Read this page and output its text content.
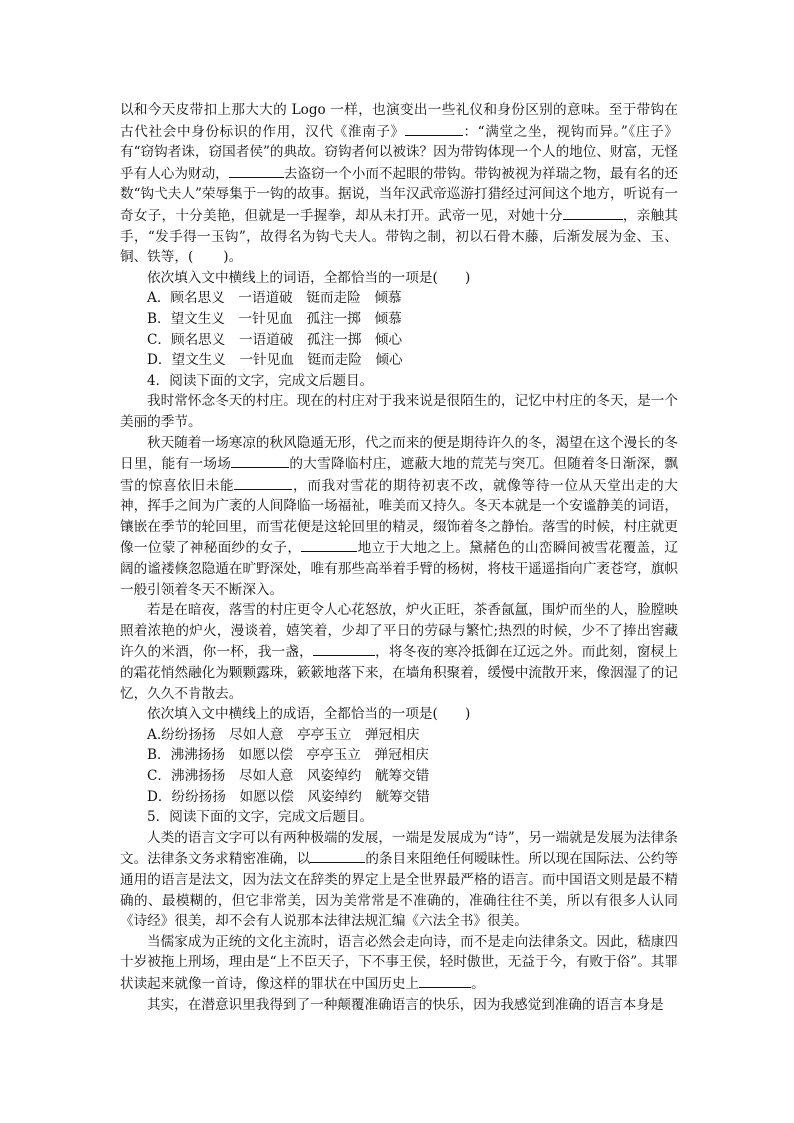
以和今天皮带扣上那大大的 Logo 一样，也演变出一些礼仪和身份区别的意味。至于带钩在古代社会中身份标识的作用，汉代《淮南子》	：“满堂之坐，视钩而异。”《庄子》有“窃钩者诛，窃国者侯”的典故。窃钩者何以被诛？因为带钩体现一个人的地位、财富，无怪乎有人心为财动，	去盗窃一个小而不起眼的带钩。带钩被视为祥瑞之物，最有名的还数“钩弋夫人”荣辱集于一钩的故事。据说，当年汉武帝巡游打猎经过河间这个地方，听说有一奇女子，十分美艳，但就是一手握拳，却从未打开。武帝一见，对她十分	，亲触其手，“发手得一玉钩”，故得名为钩弋夫人。带钩之制，初以石骨木藤，后渐发展为金、玉、铜、铁等，( )。

依次填入文中横线上的词语，全都恰当的一项是(　　)

A．顾名思义　一语道破　铤而走险　倾慕

B．望文生义　一针见血　孤注一掷　倾慕

C．顾名思义　一语道破　孤注一掷　倾心

D．望文生义　一针见血　铤而走险　倾心

4．阅读下面的文字，完成文后题目。

我时常怀念冬天的村庄。现在的村庄对于我来说是很陌生的，记忆中村庄的冬天，是一个美丽的季节。

秋天随着一场寒凉的秋风隐遁无形，代之而来的便是期待许久的冬，渴望在这个漫长的冬日里，能有一场场	的大雪降临村庄，遮蔽大地的荒芜与突兀。但随着冬日渐深，飘雪的惊喜依旧未能	，而我对雪花的期待初衷不改，就像等待一位从天堂出走的大神，挥手之间为广袤的人间降临一场福祉，唯美而又持久。冬天本就是一个安谧静美的词语，镶嵌在季节的轮回里，而雪花便是这轮回里的精灵，缀饰着冬之静怡。落雪的时候，村庄就更像一位蒙了神秘面纱的女子，	地立于大地之上。黛赭色的山峦瞬间被雪花覆盖，辽阔的谧褛倏忽隐遁在旷野深处，唯有那些高举着手臂的杨树，将枝干遥遥指向广袤苍穹，旗帜一般引领着冬天不断深入。

若是在暗夜，落雪的村庄更令人心花怒放，炉火正旺，茶香氤氲，围炉而坐的人，脸膛映照着浓艳的炉火，漫谈着，嬉笑着，少却了平日的劳碌与繁忙;热烈的时候，少不了捧出窖藏许久的米酒，你一杯，我一盏，	，将冬夜的寒冷抵御在辽远之外。而此刻，窗棂上的霜花悄然融化为颗颗露珠，簌簌地落下来，在墙角积聚着，缓慢中流散开来，像洇湿了的记忆，久久不肯散去。

依次填入文中横线上的成语，全都恰当的一项是(　　)

A.纷纷扬扬　尽如人意　亭亭玉立　弹冠相庆

B．沸沸扬扬　如愿以偿　亭亭玉立　弹冠相庆

C．沸沸扬扬　尽如人意　风姿绰约　觥筹交错

D．纷纷扬扬　如愿以偿　风姿绰约　觥筹交错

5．阅读下面的文字，完成文后题目。

人类的语言文字可以有两种极端的发展，一端是发展成为“诗”，另一端就是发展为法律条文。法律条文务求精密准确，以	的条目来阻绝任何暧昧性。所以现在国际法、公约等通用的语言是法文，因为法文在辞类的界定上是全世界最严格的语言。而中国语文则是最不精确的、最模糊的，但它非常美，因为美常常是不准确的，准确往往不美，所以有很多人认同《诗经》很美，却不会有人说那本法律法规汇编《六法全书》很美。

当儒家成为正统的文化主流时，语言必然会走向诗，而不是走向法律条文。因此，嵇康四十岁被拖上刑场，理由是“上不臣天子，下不事王侯，轻时傲世，无益于今，有败于俗”。其罪状读起来就像一首诗，像这样的罪状在中国历史上	。

其实，在潜意识里我得到了一种颠覆准确语言的快乐，因为我感觉到准确的语言本身是
